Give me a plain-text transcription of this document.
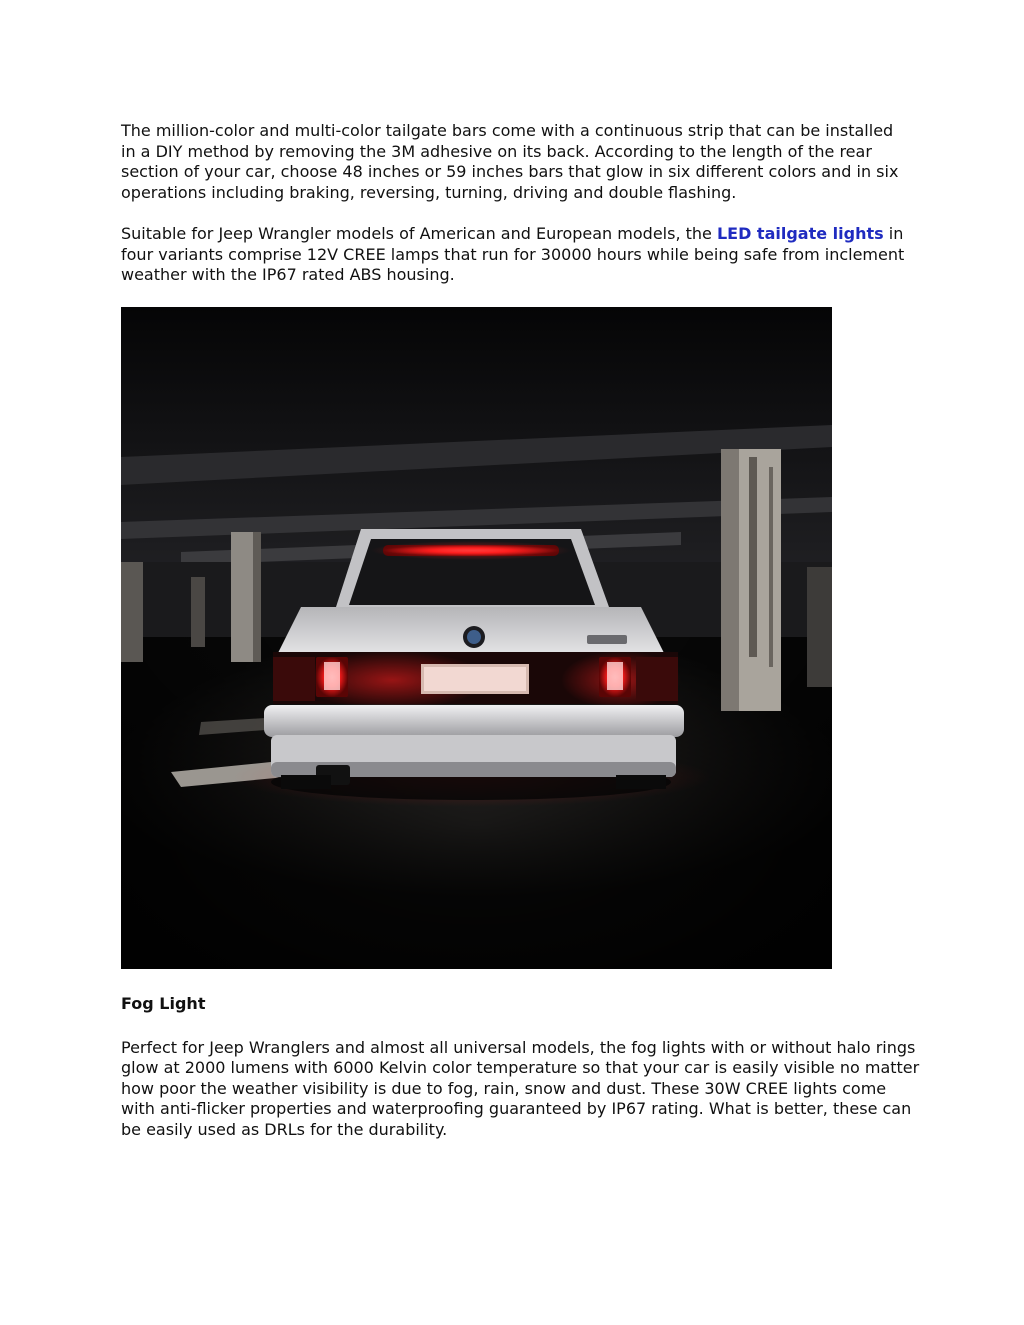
The million-color and multi-color tailgate bars come with a continuous strip that can be installed in a DIY method by removing the 3M adhesive on its back. According to the length of the rear section of your car, choose 48 inches or 59 inches bars that glow in six different colors and in six operations including braking, reversing, turning, driving and double flashing.

Suitable for Jeep Wrangler models of American and European models, the LED tailgate lights in four variants comprise 12V CREE lamps that run for 30000 hours while being safe from inclement weather with the IP67 rated ABS housing.

Fog Light

Perfect for Jeep Wranglers and almost all universal models, the fog lights with or without halo rings glow at 2000 lumens with 6000 Kelvin color temperature so that your car is easily visible no matter how poor the weather visibility is due to fog, rain, snow and dust. These 30W CREE lights come with anti-flicker properties and waterproofing guaranteed by IP67 rating. What is better, these can be easily used as DRLs for the durability.
